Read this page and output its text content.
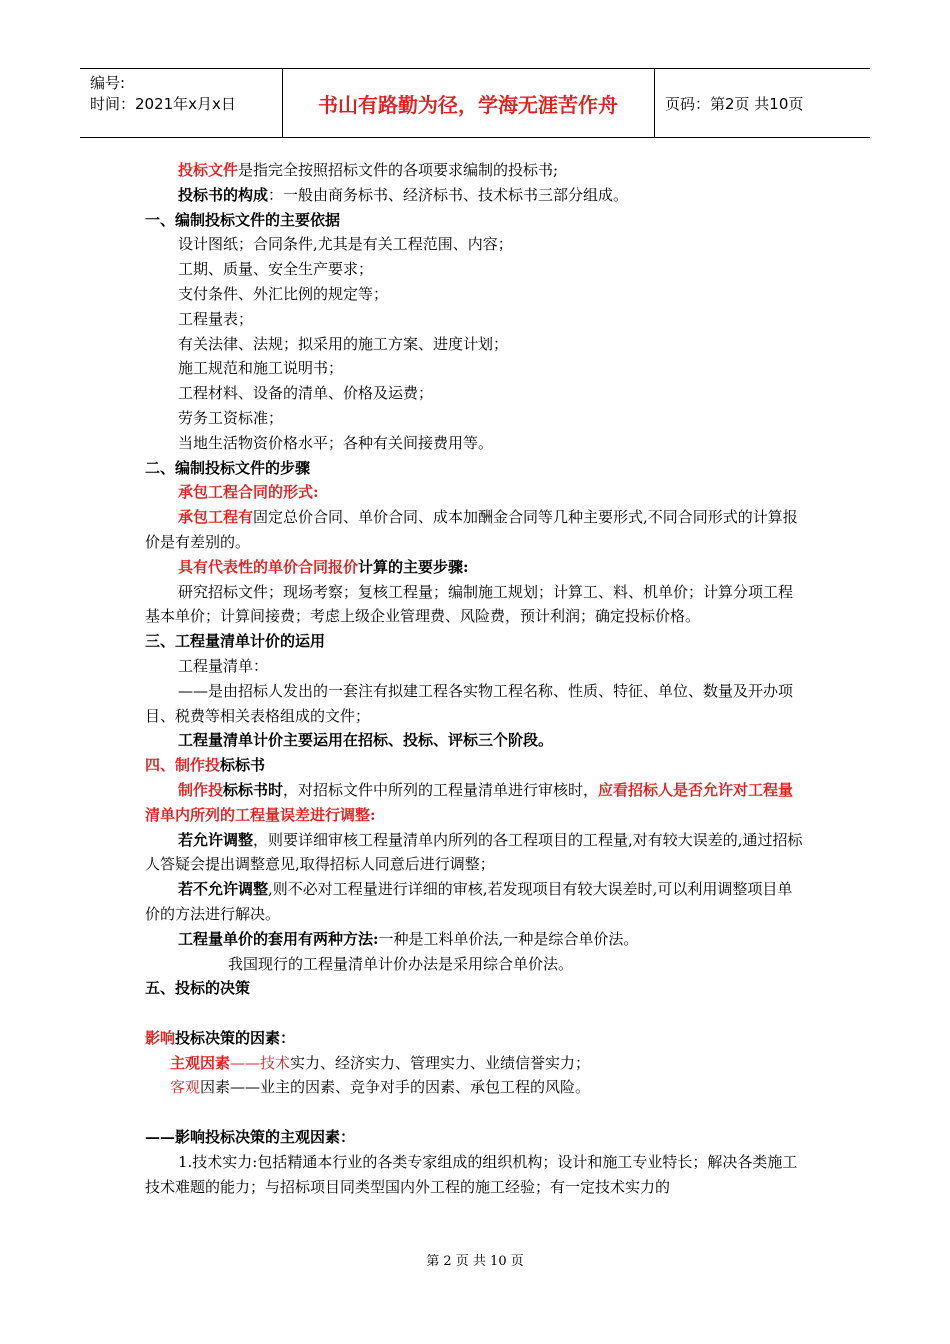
编号:
时间：2021年x月x日	书山有路勤为径，学海无涯苦作舟	页码：第2页 共10页

投标文件是指完全按照招标文件的各项要求编制的投标书;

投标书的构成：一般由商务标书、经济标书、技术标书三部分组成。

一、编制投标文件的主要依据

设计图纸；合同条件,尤其是有关工程范围、内容；

工期、质量、安全生产要求；

支付条件、外汇比例的规定等；

工程量表；

有关法律、法规；拟采用的施工方案、进度计划；

施工规范和施工说明书；

工程材料、设备的清单、价格及运费；

劳务工资标准；

当地生活物资价格水平；各种有关间接费用等。

二、编制投标文件的步骤

承包工程合同的形式:

承包工程有固定总价合同、单价合同、成本加酬金合同等几种主要形式,不同合同形式的计算报价是有差别的。

具有代表性的单价合同报价计算的主要步骤:

研究招标文件；现场考察；复核工程量；编制施工规划；计算工、料、机单价；计算分项工程基本单价；计算间接费；考虑上级企业管理费、风险费，预计利润；确定投标价格。

三、工程量清单计价的运用

工程量清单：

——是由招标人发出的一套注有拟建工程各实物工程名称、性质、特征、单位、数量及开办项目、税费等相关表格组成的文件；

工程量清单计价主要运用在招标、投标、评标三个阶段。

四、制作投标标书

制作投标标书时，对招标文件中所列的工程量清单进行审核时，应看招标人是否允许对工程量清单内所列的工程量误差进行调整:

若允许调整，则要详细审核工程量清单内所列的各工程项目的工程量,对有较大误差的,通过招标人答疑会提出调整意见,取得招标人同意后进行调整；

若不允许调整,则不必对工程量进行详细的审核,若发现项目有较大误差时,可以利用调整项目单价的方法进行解决。

工程量单价的套用有两种方法:一种是工料单价法,一种是综合单价法。

我国现行的工程量清单计价办法是采用综合单价法。

五、投标的决策

影响投标决策的因素：

主观因素——技术实力、经济实力、管理实力、业绩信誉实力；

客观因素——业主的因素、竞争对手的因素、承包工程的风险。

——影响投标决策的主观因素：

1.技术实力:包括精通本行业的各类专家组成的组织机构；设计和施工专业特长；解决各类施工技术难题的能力；与招标项目同类型国内外工程的施工经验；有一定技术实力的

第 2 页 共 10 页
